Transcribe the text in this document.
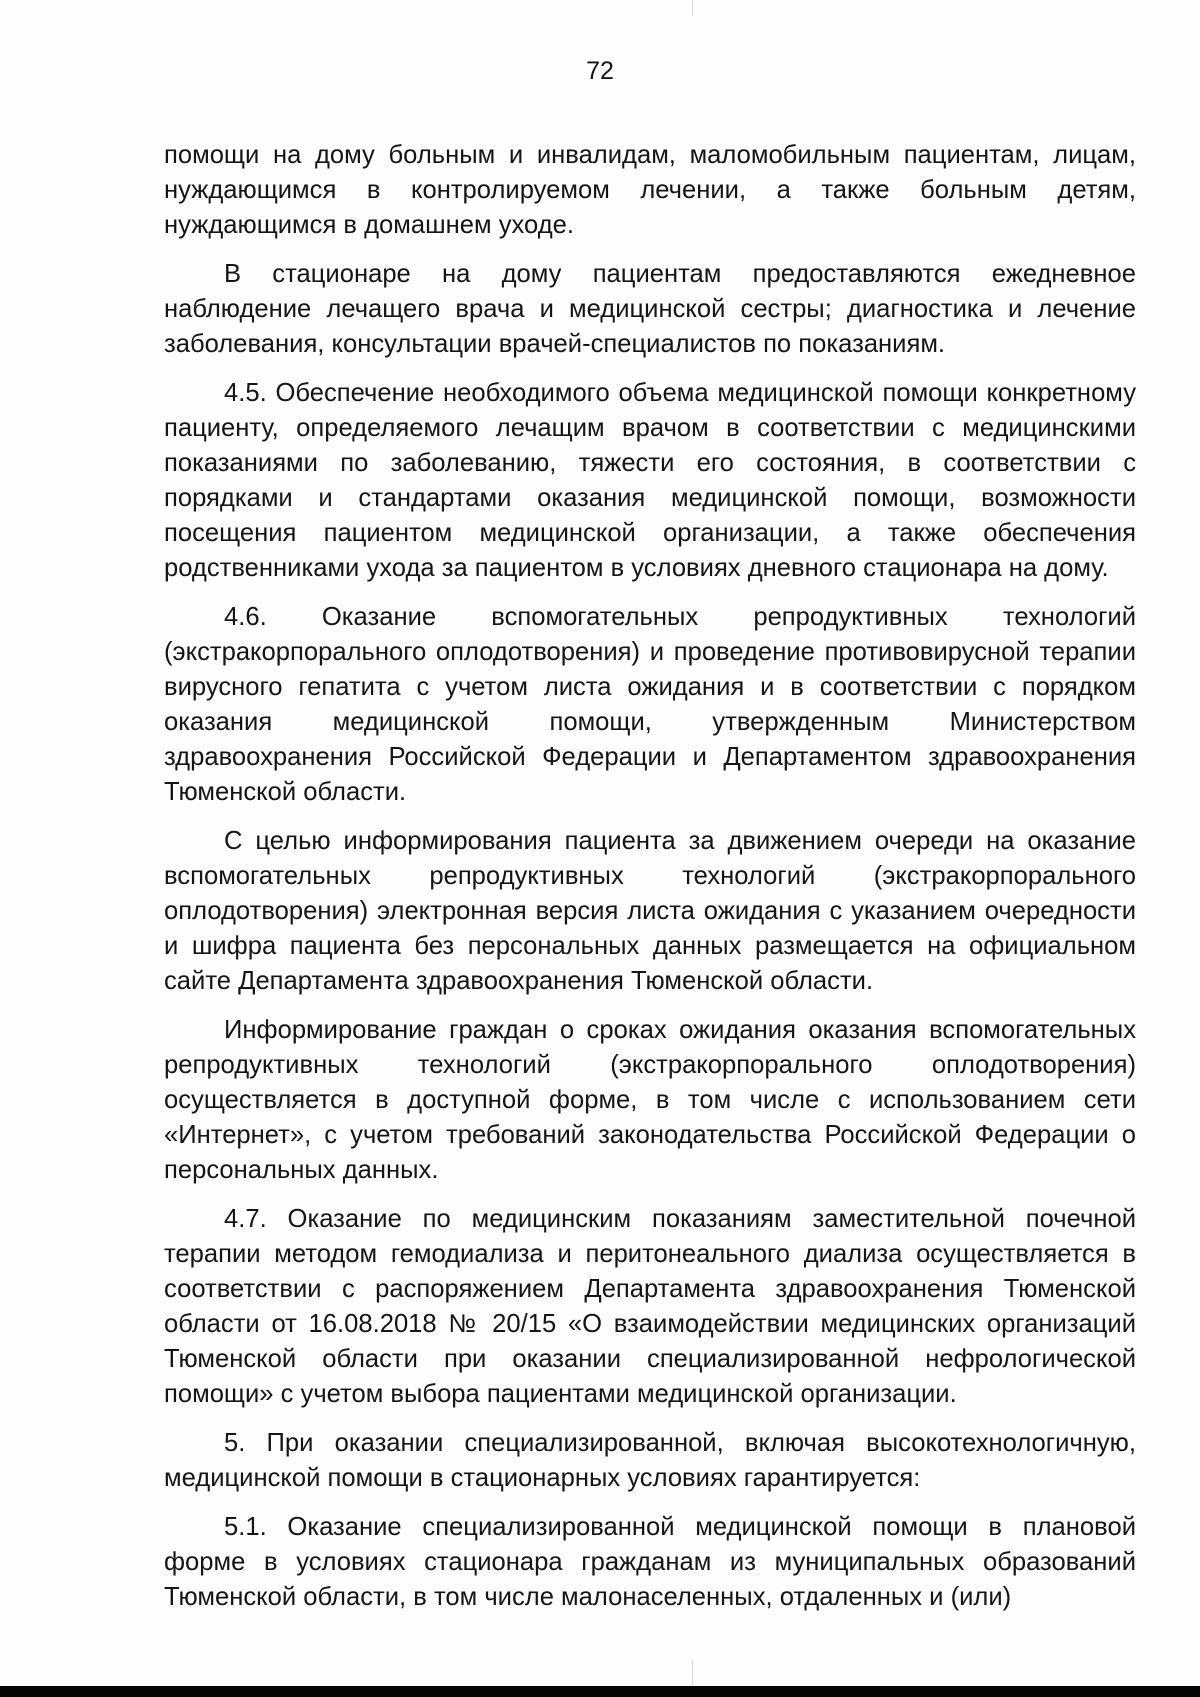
72

помощи на дому больным и инвалидам, маломобильным пациентам, лицам, нуждающимся в контролируемом лечении, а также больным детям, нуждающимся в домашнем уходе.

В стационаре на дому пациентам предоставляются ежедневное наблюдение лечащего врача и медицинской сестры; диагностика и лечение заболевания, консультации врачей-специалистов по показаниям.

4.5. Обеспечение необходимого объема медицинской помощи конкретному пациенту, определяемого лечащим врачом в соответствии с медицинскими показаниями по заболеванию, тяжести его состояния, в соответствии с порядками и стандартами оказания медицинской помощи, возможности посещения пациентом медицинской организации, а также обеспечения родственниками ухода за пациентом в условиях дневного стационара на дому.

4.6. Оказание вспомогательных репродуктивных технологий (экстракорпорального оплодотворения) и проведение противовирусной терапии вирусного гепатита с учетом листа ожидания и в соответствии с порядком оказания медицинской помощи, утвержденным Министерством здравоохранения Российской Федерации и Департаментом здравоохранения Тюменской области.

С целью информирования пациента за движением очереди на оказание вспомогательных репродуктивных технологий (экстракорпорального оплодотворения) электронная версия листа ожидания с указанием очередности и шифра пациента без персональных данных размещается на официальном сайте Департамента здравоохранения Тюменской области.

Информирование граждан о сроках ожидания оказания вспомогательных репродуктивных технологий (экстракорпорального оплодотворения) осуществляется в доступной форме, в том числе с использованием сети «Интернет», с учетом требований законодательства Российской Федерации о персональных данных.

4.7. Оказание по медицинским показаниям заместительной почечной терапии методом гемодиализа и перитонеального диализа осуществляется в соответствии с распоряжением Департамента здравоохранения Тюменской области от 16.08.2018 № 20/15 «О взаимодействии медицинских организаций Тюменской области при оказании специализированной нефрологической помощи» с учетом выбора пациентами медицинской организации.

5. При оказании специализированной, включая высокотехнологичную, медицинской помощи в стационарных условиях гарантируется:

5.1. Оказание специализированной медицинской помощи в плановой форме в условиях стационара гражданам из муниципальных образований Тюменской области, в том числе малонаселенных, отдаленных и (или)
